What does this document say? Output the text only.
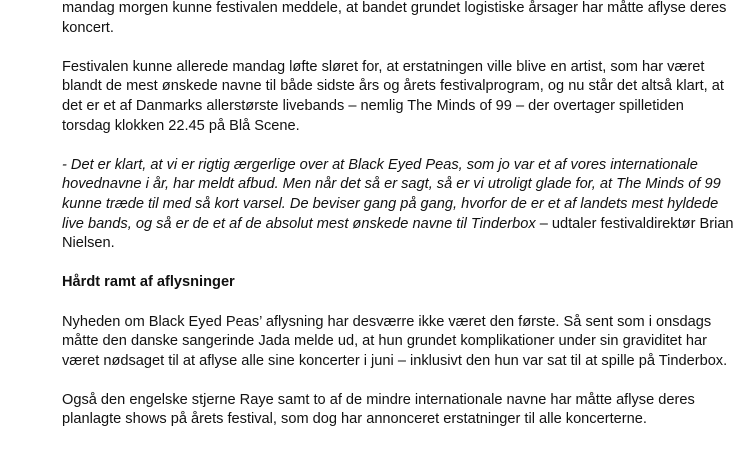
mandag morgen kunne festivalen meddele, at bandet grundet logistiske årsager har måtte aflyse deres koncert.

Festivalen kunne allerede mandag løfte sløret for, at erstatningen ville blive en artist, som har været blandt de mest ønskede navne til både sidste års og årets festivalprogram, og nu står det altså klart, at det er et af Danmarks allerstørste livebands – nemlig The Minds of 99 – der overtager spilletiden torsdag klokken 22.45 på Blå Scene.

- Det er klart, at vi er rigtig ærgerlige over at Black Eyed Peas, som jo var et af vores internationale hovednavne i år, har meldt afbud. Men når det så er sagt, så er vi utroligt glade for, at The Minds of 99 kunne træde til med så kort varsel. De beviser gang på gang, hvorfor de er et af landets mest hyldede live bands, og så er de et af de absolut mest ønskede navne til Tinderbox – udtaler festivaldirektør Brian Nielsen.

Hårdt ramt af aflysninger

Nyheden om Black Eyed Peas’ aflysning har desværre ikke været den første. Så sent som i onsdags måtte den danske sangerinde Jada melde ud, at hun grundet komplikationer under sin graviditet har været nødsaget til at aflyse alle sine koncerter i juni – inklusivt den hun var sat til at spille på Tinderbox.

Også den engelske stjerne Raye samt to af de mindre internationale navne har måtte aflyse deres planlagte shows på årets festival, som dog har annonceret erstatninger til alle koncerterne.
